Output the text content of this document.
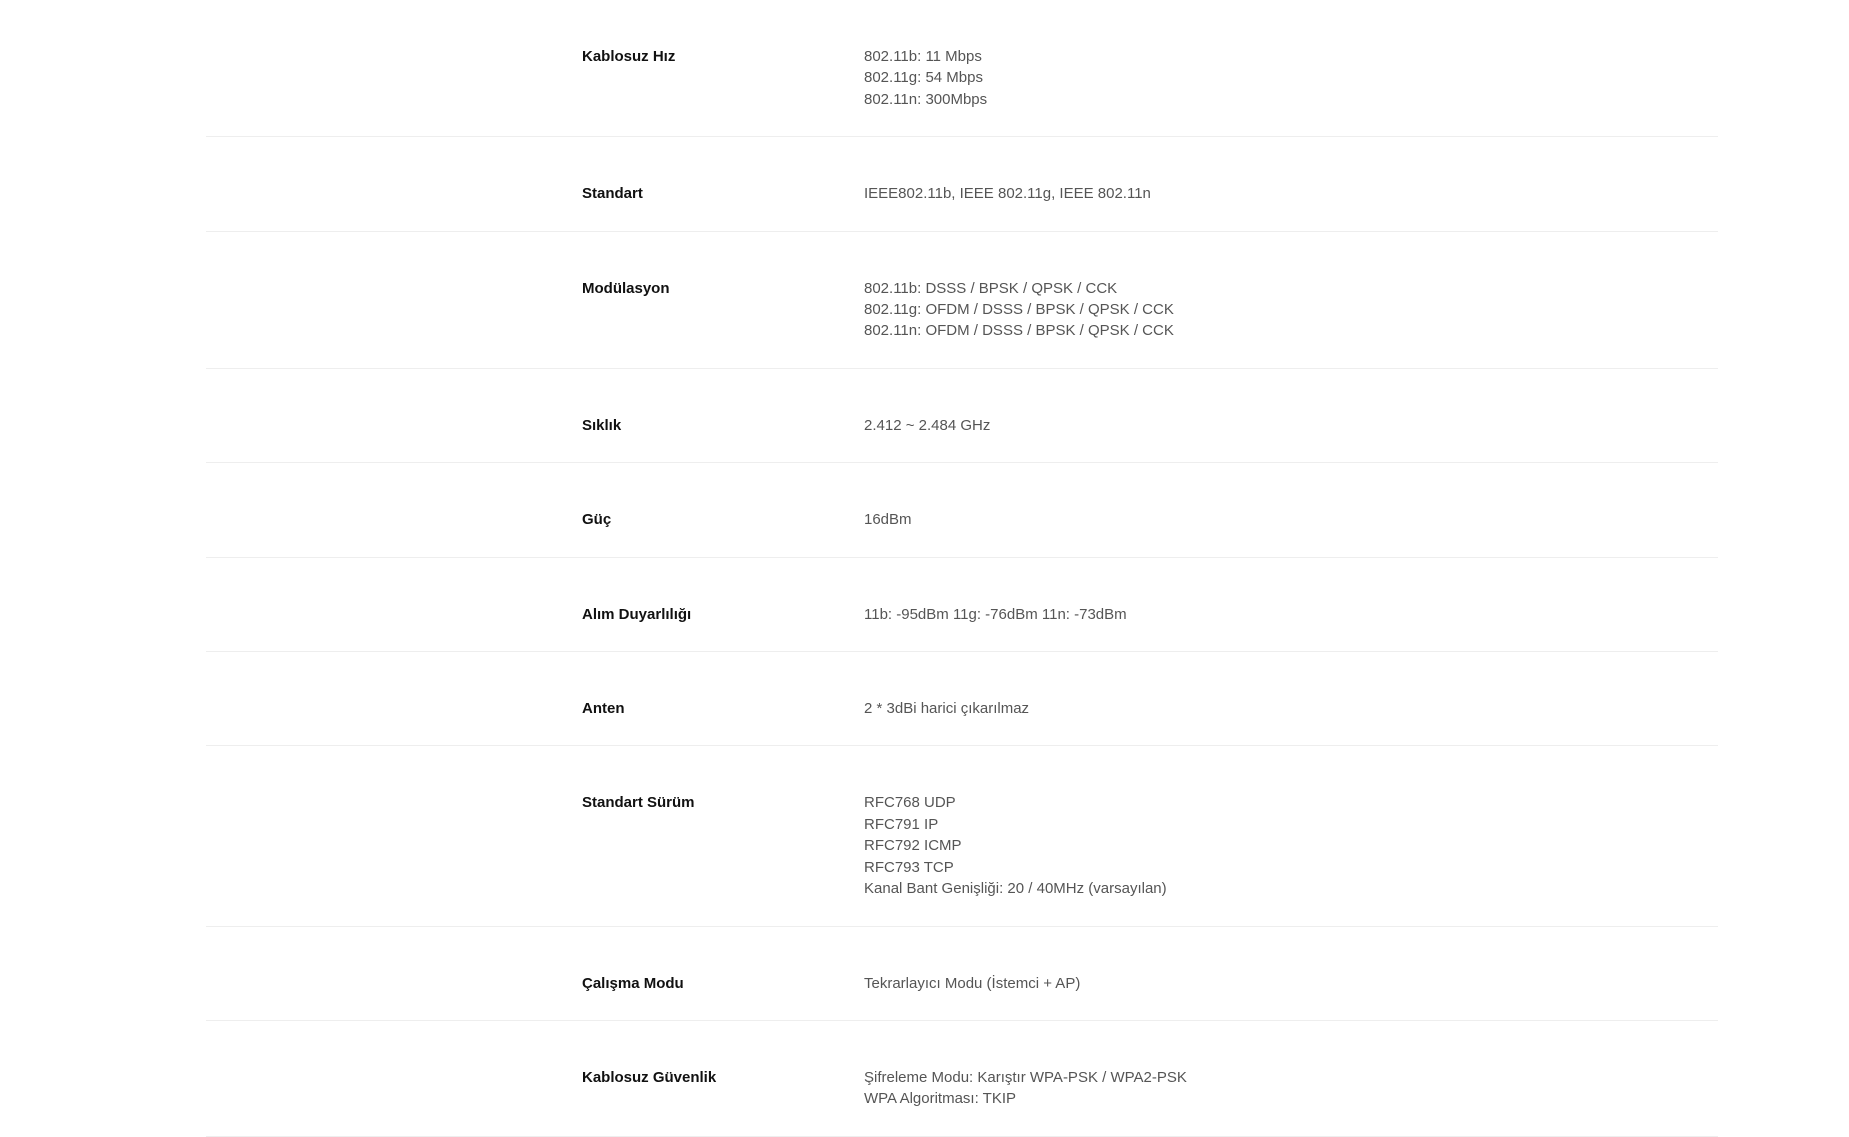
Kablosuz Hız	802.11b: 11 Mbps
802.11g: 54 Mbps
802.11n: 300Mbps
Standart	IEEE802.11b, IEEE 802.11g, IEEE 802.11n
Modülasyon	802.11b: DSSS / BPSK / QPSK / CCK
802.11g: OFDM / DSSS / BPSK / QPSK / CCK
802.11n: OFDM / DSSS / BPSK / QPSK / CCK
Sıklık	2.412 ~ 2.484 GHz
Güç	16dBm
Alım Duyarlılığı	11b: -95dBm 11g: -76dBm 11n: -73dBm
Anten	2 * 3dBi harici çıkarılmaz
Standart Sürüm	RFC768 UDP
RFC791 IP
RFC792 ICMP
RFC793 TCP
Kanal Bant Genişliği: 20 / 40MHz (varsayılan)
Çalışma Modu	Tekrarlayıcı Modu (İstemci + AP)
Kablosuz Güvenlik	Şifreleme Modu: Karıştır WPA-PSK / WPA2-PSK
WPA Algoritması: TKIP
